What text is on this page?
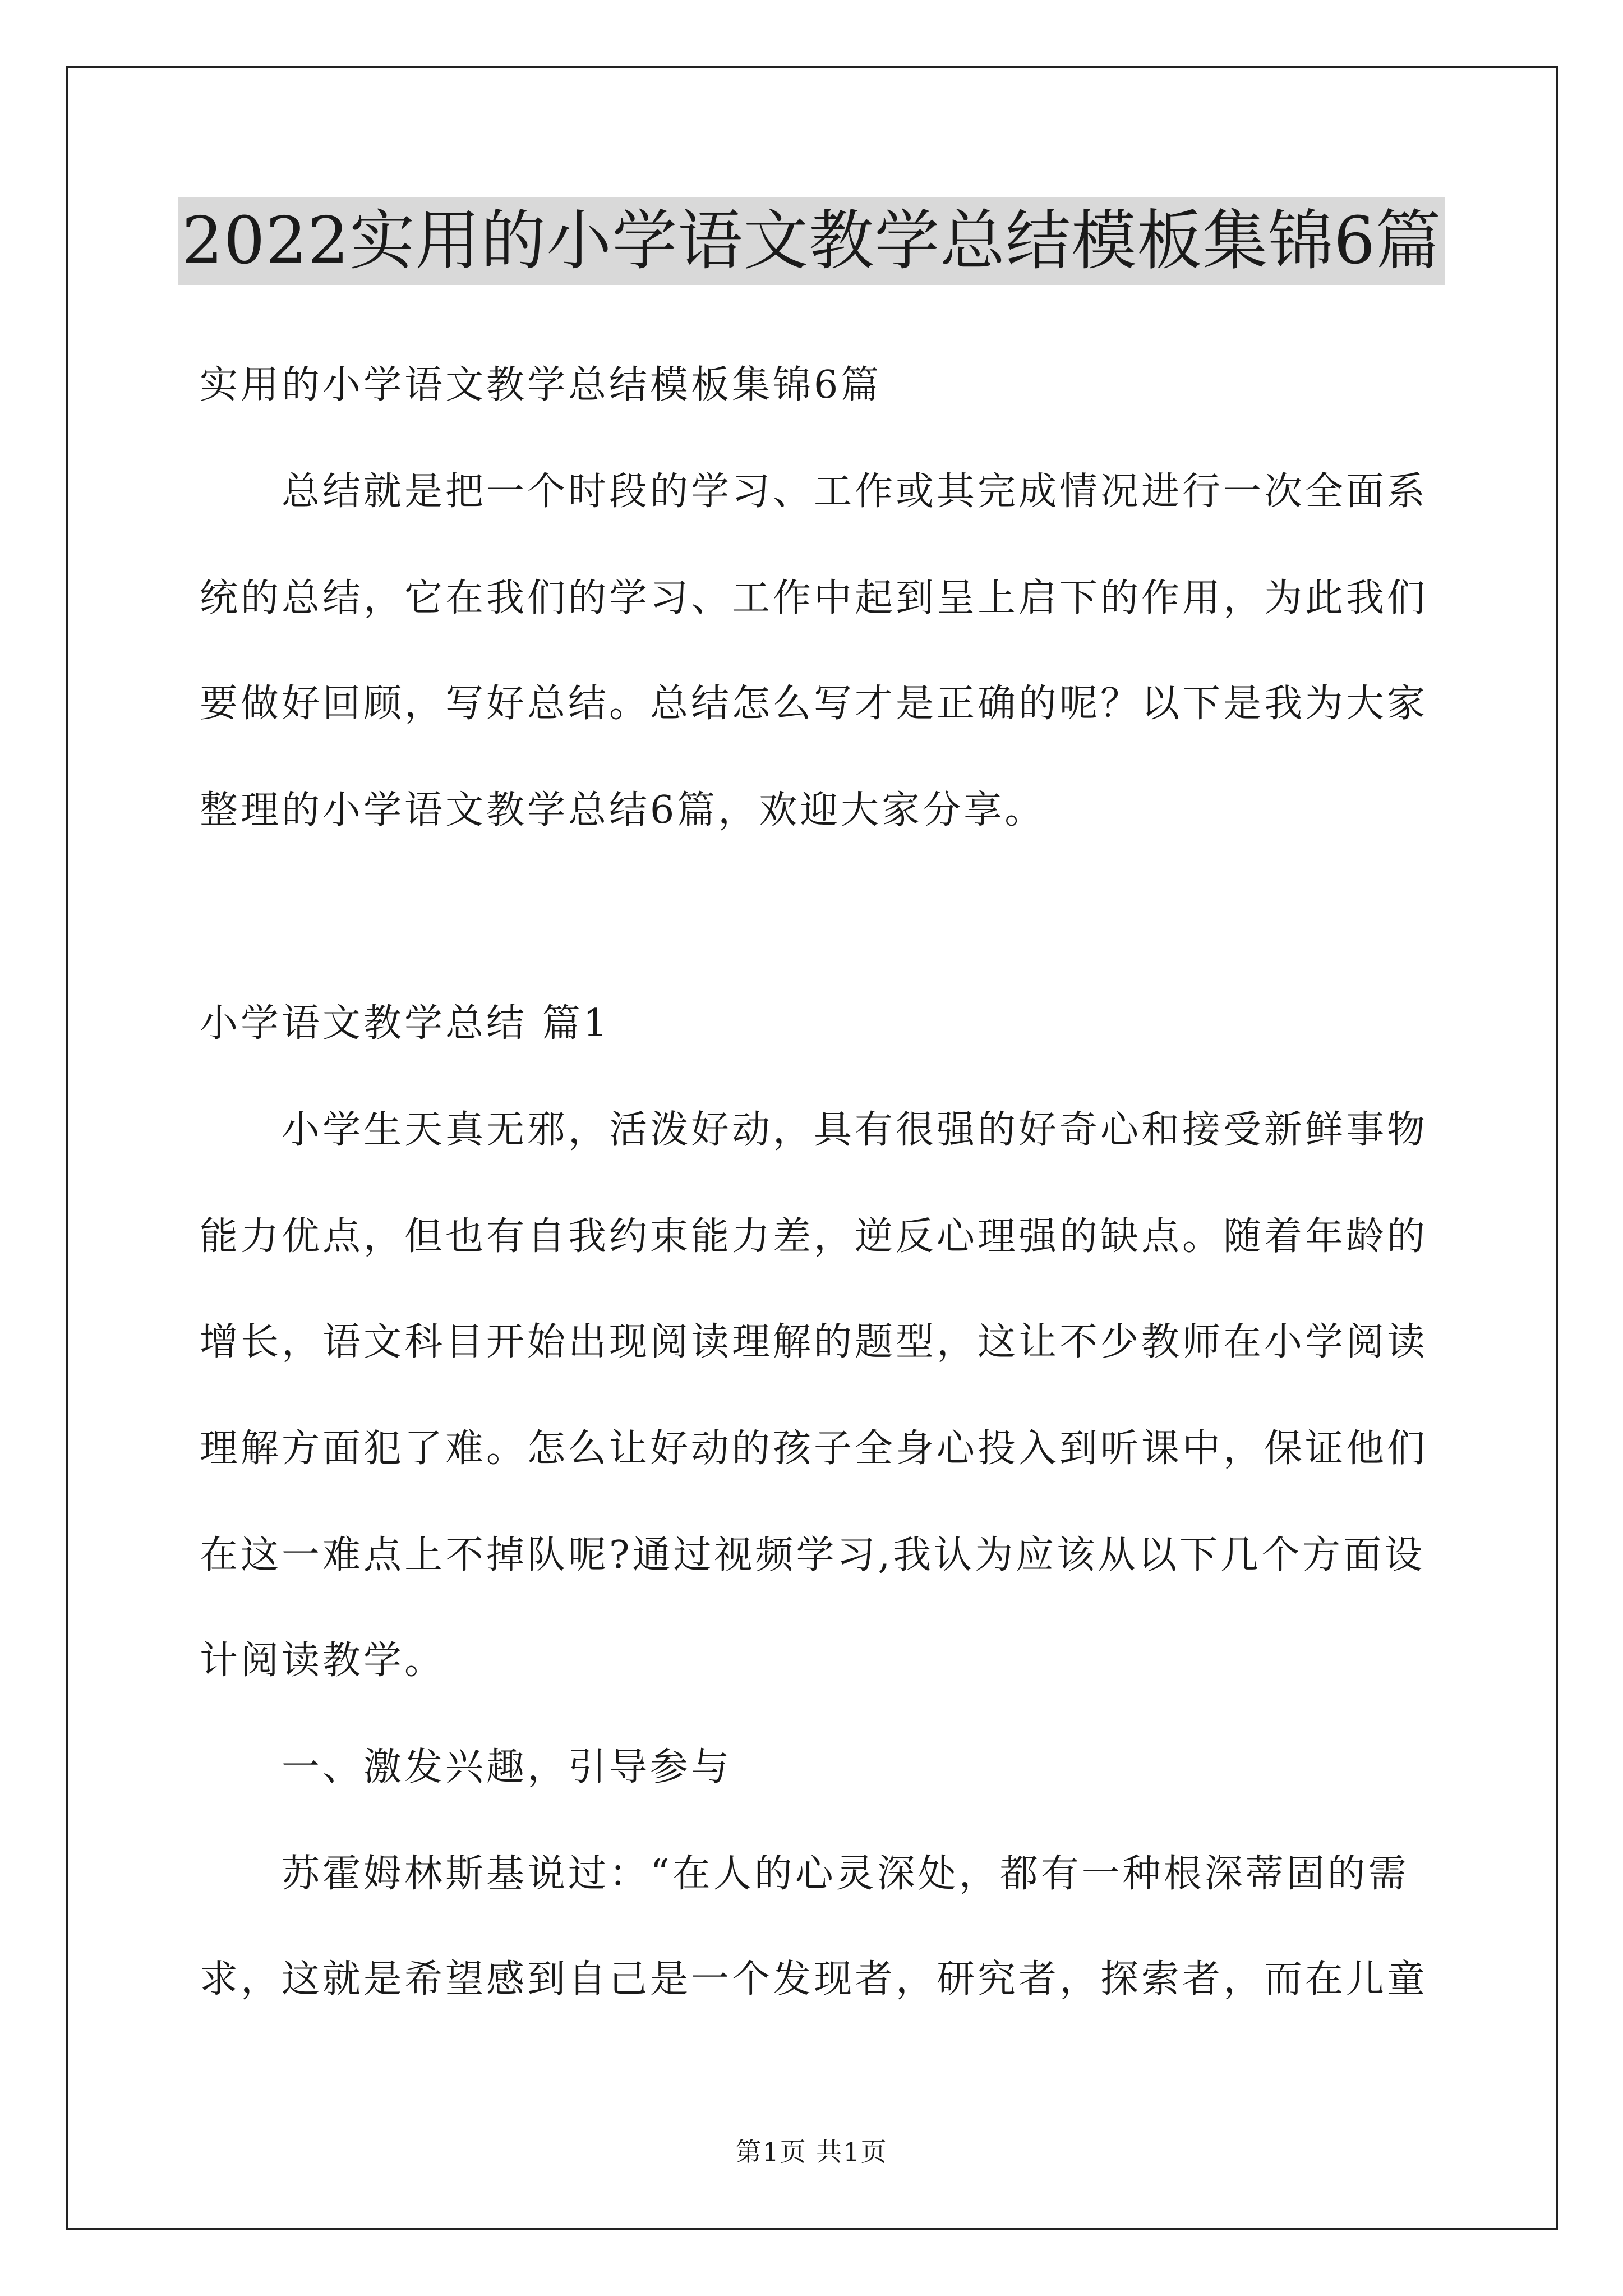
2022实用的小学语文教学总结模板集锦6篇
实用的小学语文教学总结模板集锦6篇
总结就是把一个时段的学习、工作或其完成情况进行一次全面系
统的总结，它在我们的学习、工作中起到呈上启下的作用，为此我们
要做好回顾，写好总结。总结怎么写才是正确的呢？以下是我为大家
整理的小学语文教学总结6篇，欢迎大家分享。
小学语文教学总结 篇1
小学生天真无邪，活泼好动，具有很强的好奇心和接受新鲜事物
能力优点，但也有自我约束能力差，逆反心理强的缺点。随着年龄的
增长，语文科目开始出现阅读理解的题型，这让不少教师在小学阅读
理解方面犯了难。怎么让好动的孩子全身心投入到听课中，保证他们
在这一难点上不掉队呢?通过视频学习,我认为应该从以下几个方面设
计阅读教学。
一、激发兴趣，引导参与
苏霍姆林斯基说过：“在人的心灵深处，都有一种根深蒂固的需
求，这就是希望感到自己是一个发现者，研究者，探索者，而在儿童
第1页 共1页
